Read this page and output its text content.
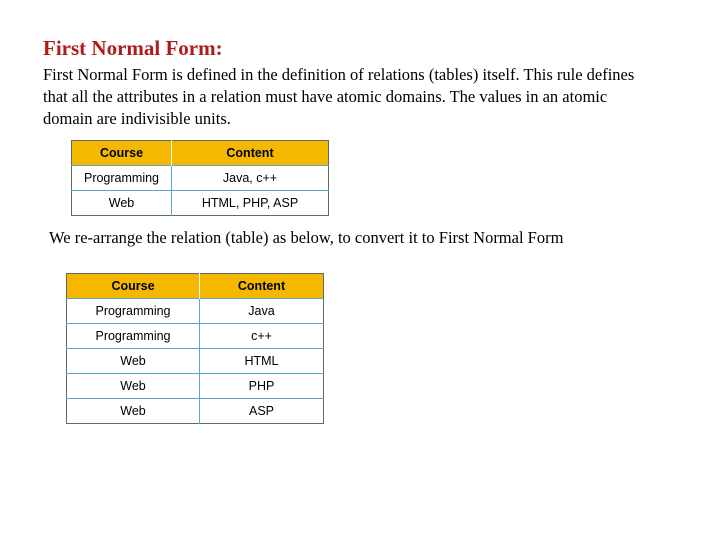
First Normal Form:

First Normal Form is defined in the definition of relations (tables) itself. This rule defines
that all the attributes in a relation must have atomic domains. The values in an atomic
domain are indivisible units.

Course	Content
Programming	Java, c++
Web	HTML, PHP, ASP
We re-arrange the relation (table) as below, to convert it to First Normal Form
Course	Content
Programming	Java
Programming	c++
Web	HTML
Web	PHP
Web	ASP
